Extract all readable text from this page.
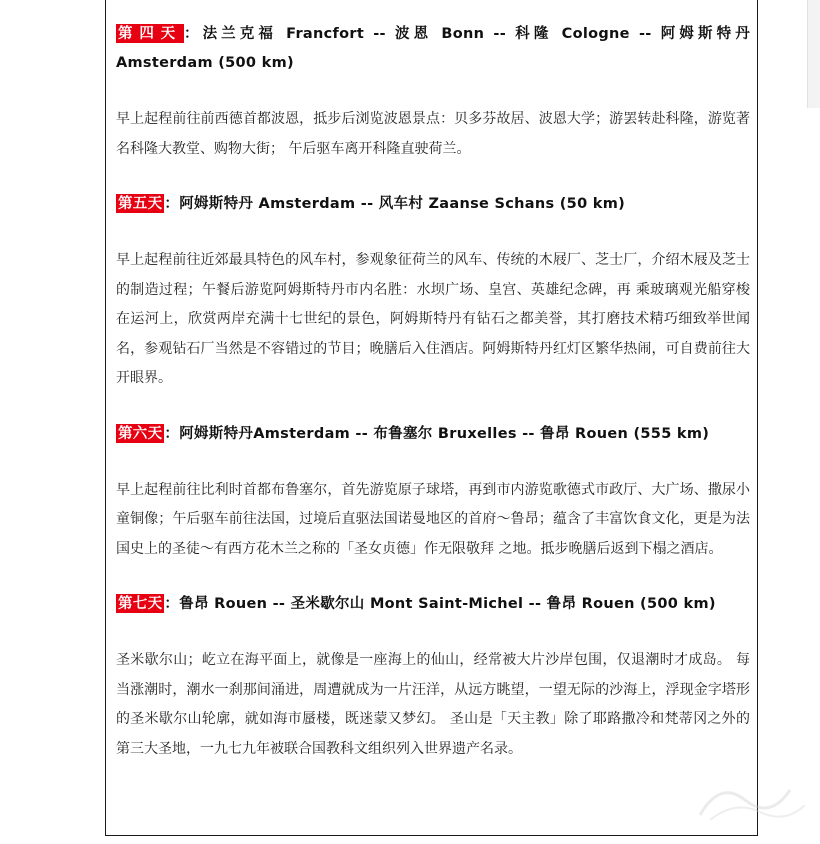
第四天 ：法兰克福 Francfort -- 波恩 Bonn -- 科隆 Cologne -- 阿姆斯特丹 Amsterdam (500 km)

早上起程前往前西德首都波恩，抵步后浏览波恩景点：贝多芬故居、波恩大学；游罢转赴科隆，游览著名科隆大教堂、购物大街； 午后驱车离开科隆直驶荷兰。

第五天 ：阿姆斯特丹 Amsterdam -- 风车村 Zaanse Schans (50 km)

早上起程前往近郊最具特色的风车村，参观象征荷兰的风车、传统的木屐厂、芝士厂，介绍木屐及芝士的制造过程；午餐后游览阿姆斯特丹市内名胜：水坝广场、皇宫、英雄纪念碑，再 乘玻璃观光船穿梭在运河上，欣赏两岸充满十七世纪的景色，阿姆斯特丹有钻石之都美誉，其打磨技术精巧细致举世闻名，参观钻石厂当然是不容错过的节目；晚膳后入住酒店。阿姆斯特丹红灯区繁华热闹，可自费前往大开眼界。

第六天 ：阿姆斯特丹Amsterdam -- 布鲁塞尔 Bruxelles -- 鲁昂 Rouen (555 km)

早上起程前往比利时首都布鲁塞尔，首先游览原子球塔，再到市内游览歌德式市政厅、大广场、撒尿小童铜像；午后驱车前往法国，过境后直驱法国诺曼地区的首府～鲁昂；蕴含了丰富饮食文化，更是为法国史上的圣徒～有西方花木兰之称的「圣女贞德」作无限敬拜 之地。抵步晚膳后返到下榻之酒店。

第七天 ：鲁昂 Rouen -- 圣米歇尔山 Mont Saint-Michel -- 鲁昂 Rouen (500 km)

圣米歇尔山；屹立在海平面上，就像是一座海上的仙山，经常被大片沙岸包围，仅退潮时才成岛。 每当涨潮时，潮水一刹那间涌进，周遭就成为一片汪洋，从远方眺望，一望无际的沙海上，浮现金字塔形的圣米歇尔山轮廓，就如海市蜃楼，既迷蒙又梦幻。 圣山是「天主教」除了耶路撒冷和梵蒂冈之外的第三大圣地，一九七九年被联合国教科文组织列入世界遗产名录。
